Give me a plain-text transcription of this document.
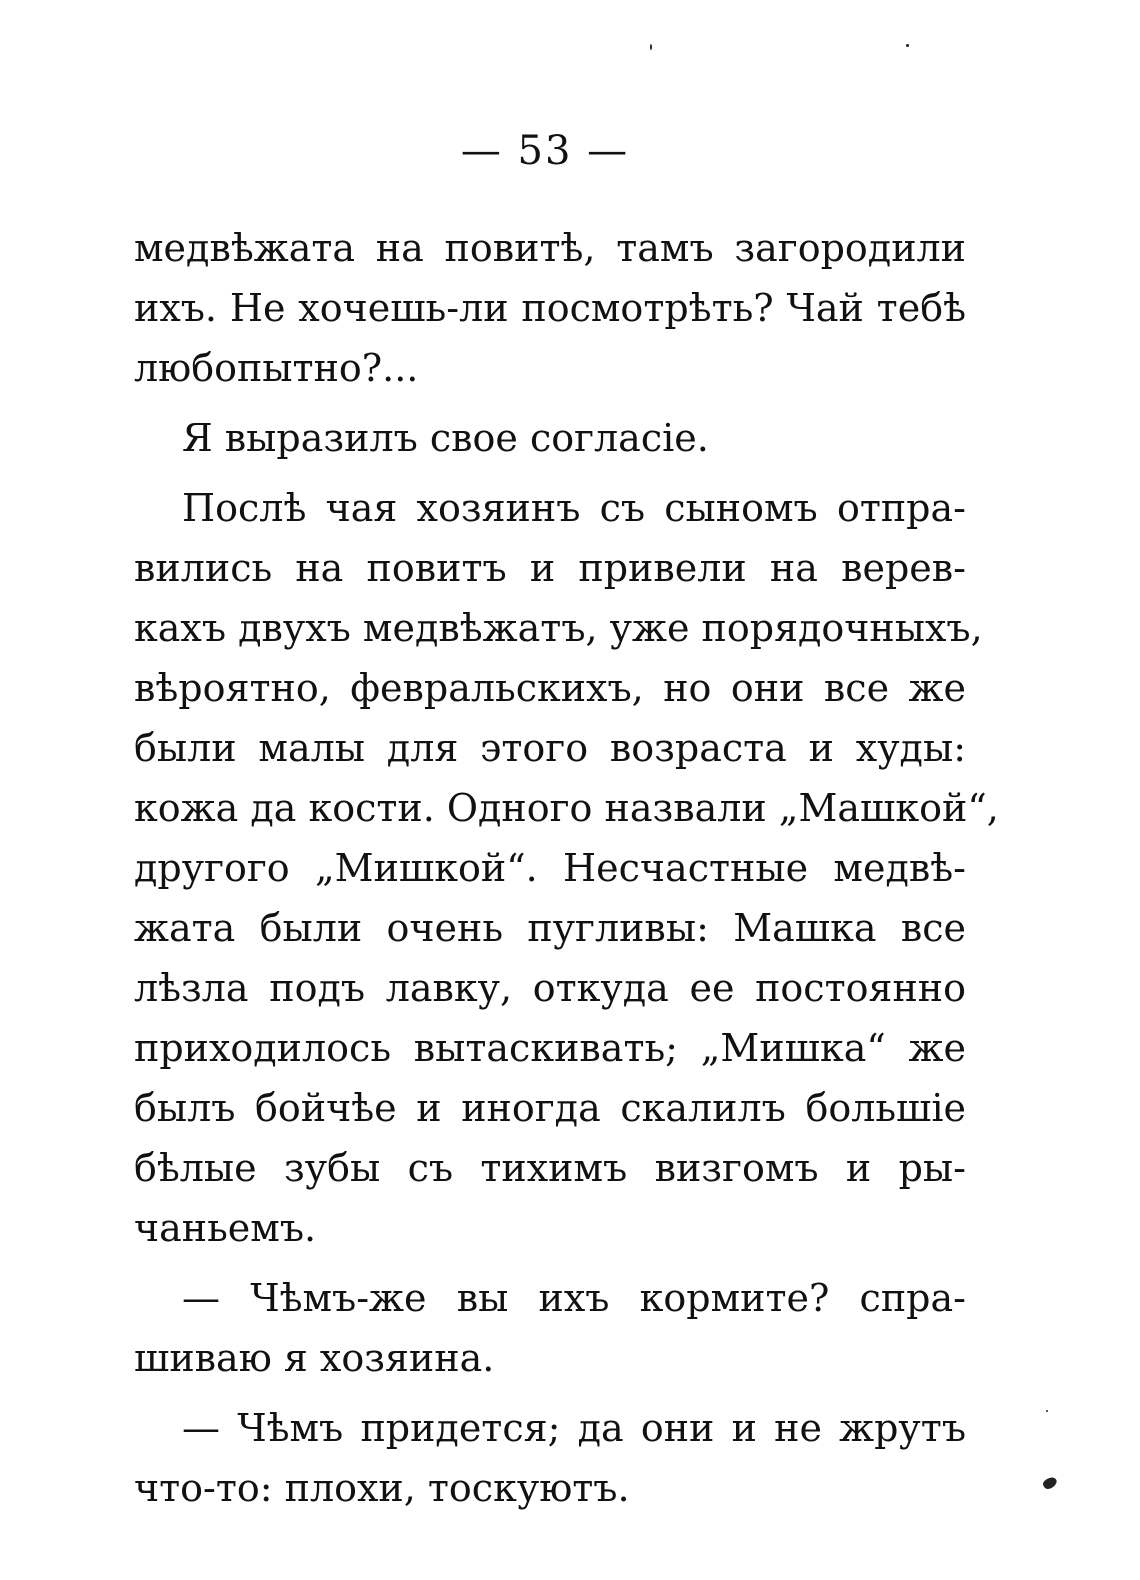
— 53 —
медвѣжата на повитѣ, тамъ загородили
ихъ. Не хочешь-ли посмотрѣть? Чай тебѣ
любопытно?...
Я выразилъ свое согласіе.
Послѣ чая хозяинъ съ сыномъ отпра-
вились на повитъ и привели на верев-
кахъ двухъ медвѣжатъ, уже порядочныхъ,
вѣроятно, февральскихъ, но они все же
были малы для этого возраста и худы:
кожа да кости. Одного назвали „Машкой“,
другого „Мишкой“. Несчастные медвѣ-
жата были очень пугливы: Машка все
лѣзла подъ лавку, откуда ее постоянно
приходилось вытаскивать; „Мишка“ же
былъ бойчѣе и иногда скалилъ большіе
бѣлые зубы съ тихимъ визгомъ и ры-
чаньемъ.
— Чѣмъ-же вы ихъ кормите? спра-
шиваю я хозяина.
— Чѣмъ придется; да они и не жрутъ
что-то: плохи, тоскуютъ.
